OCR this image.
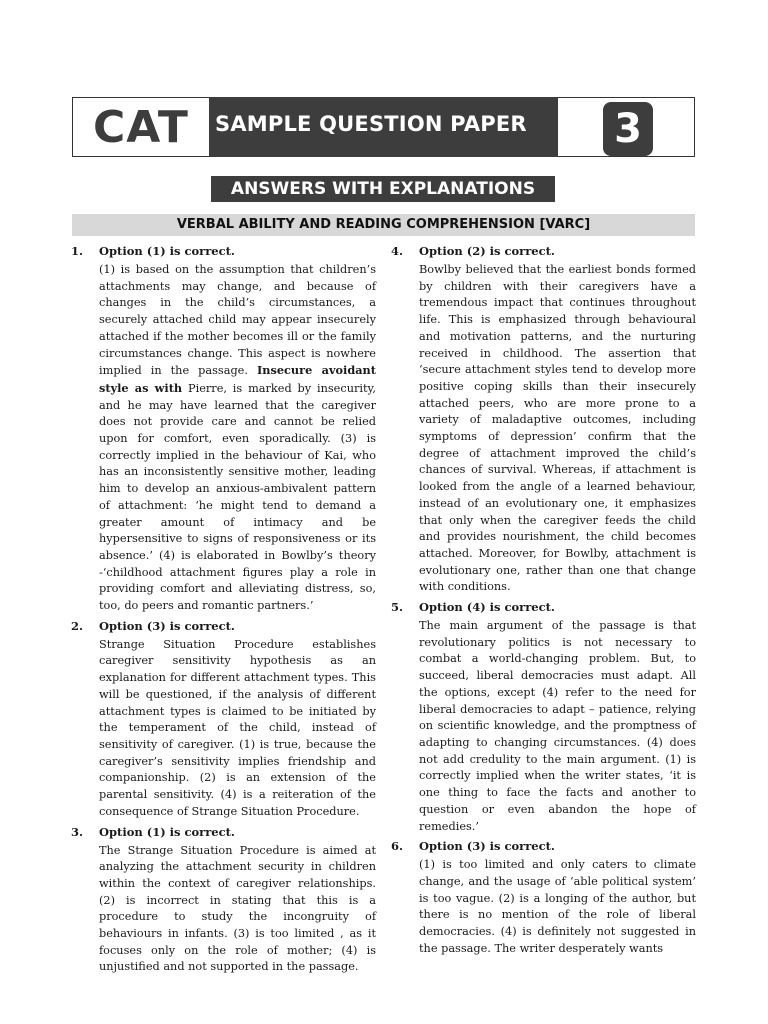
CAT SAMPLE QUESTION PAPER 3
ANSWERS WITH EXPLANATIONS
VERBAL ABILITY AND READING COMPREHENSION [VARC]
1. Option (1) is correct.
(1) is based on the assumption that children’s attachments may change, and because of changes in the child’s circumstances, a securely attached child may appear insecurely attached if the mother becomes ill or the family circumstances change. This aspect is nowhere implied in the passage. Insecure avoidant style as with Pierre, is marked by insecurity, and he may have learned that the caregiver does not provide care and cannot be relied upon for comfort, even sporadically. (3) is correctly implied in the behaviour of Kai, who has an inconsistently sensitive mother, leading him to develop an anxious-ambivalent pattern of attachment: ‘he might tend to demand a greater amount of intimacy and be hypersensitive to signs of responsiveness or its absence.’ (4) is elaborated in Bowlby’s theory -‘childhood attachment figures play a role in providing comfort and alleviating distress, so, too, do peers and romantic partners.’
2. Option (3) is correct.
Strange Situation Procedure establishes caregiver sensitivity hypothesis as an explanation for different attachment types. This will be questioned, if the analysis of different attachment types is claimed to be initiated by the temperament of the child, instead of sensitivity of caregiver. (1) is true, because the caregiver’s sensitivity implies friendship and companionship. (2) is an extension of the parental sensitivity. (4) is a reiteration of the consequence of Strange Situation Procedure.
3. Option (1) is correct.
The Strange Situation Procedure is aimed at analyzing the attachment security in children within the context of caregiver relationships. (2) is incorrect in stating that this is a procedure to study the incongruity of behaviours in infants. (3) is too limited , as it focuses only on the role of mother; (4) is unjustified and not supported in the passage.
4. Option (2) is correct.
Bowlby believed that the earliest bonds formed by children with their caregivers have a tremendous impact that continues throughout life. This is emphasized through behavioural and motivation patterns, and the nurturing received in childhood. The assertion that ‘secure attachment styles tend to develop more positive coping skills than their insecurely attached peers, who are more prone to a variety of maladaptive outcomes, including symptoms of depression’ confirm that the degree of attachment improved the child’s chances of survival. Whereas, if attachment is looked from the angle of a learned behaviour, instead of an evolutionary one, it emphasizes that only when the caregiver feeds the child and provides nourishment, the child becomes attached. Moreover, for Bowlby, attachment is evolutionary one, rather than one that change with conditions.
5. Option (4) is correct.
The main argument of the passage is that revolutionary politics is not necessary to combat a world-changing problem. But, to succeed, liberal democracies must adapt. All the options, except (4) refer to the need for liberal democracies to adapt – patience, relying on scientific knowledge, and the promptness of adapting to changing circumstances. (4) does not add credulity to the main argument. (1) is correctly implied when the writer states, ‘it is one thing to face the facts and another to question or even abandon the hope of remedies.’
6. Option (3) is correct.
(1) is too limited and only caters to climate change, and the usage of ‘able political system’ is too vague. (2) is a longing of the author, but there is no mention of the role of liberal democracies. (4) is definitely not suggested in the passage. The writer desperately wants
